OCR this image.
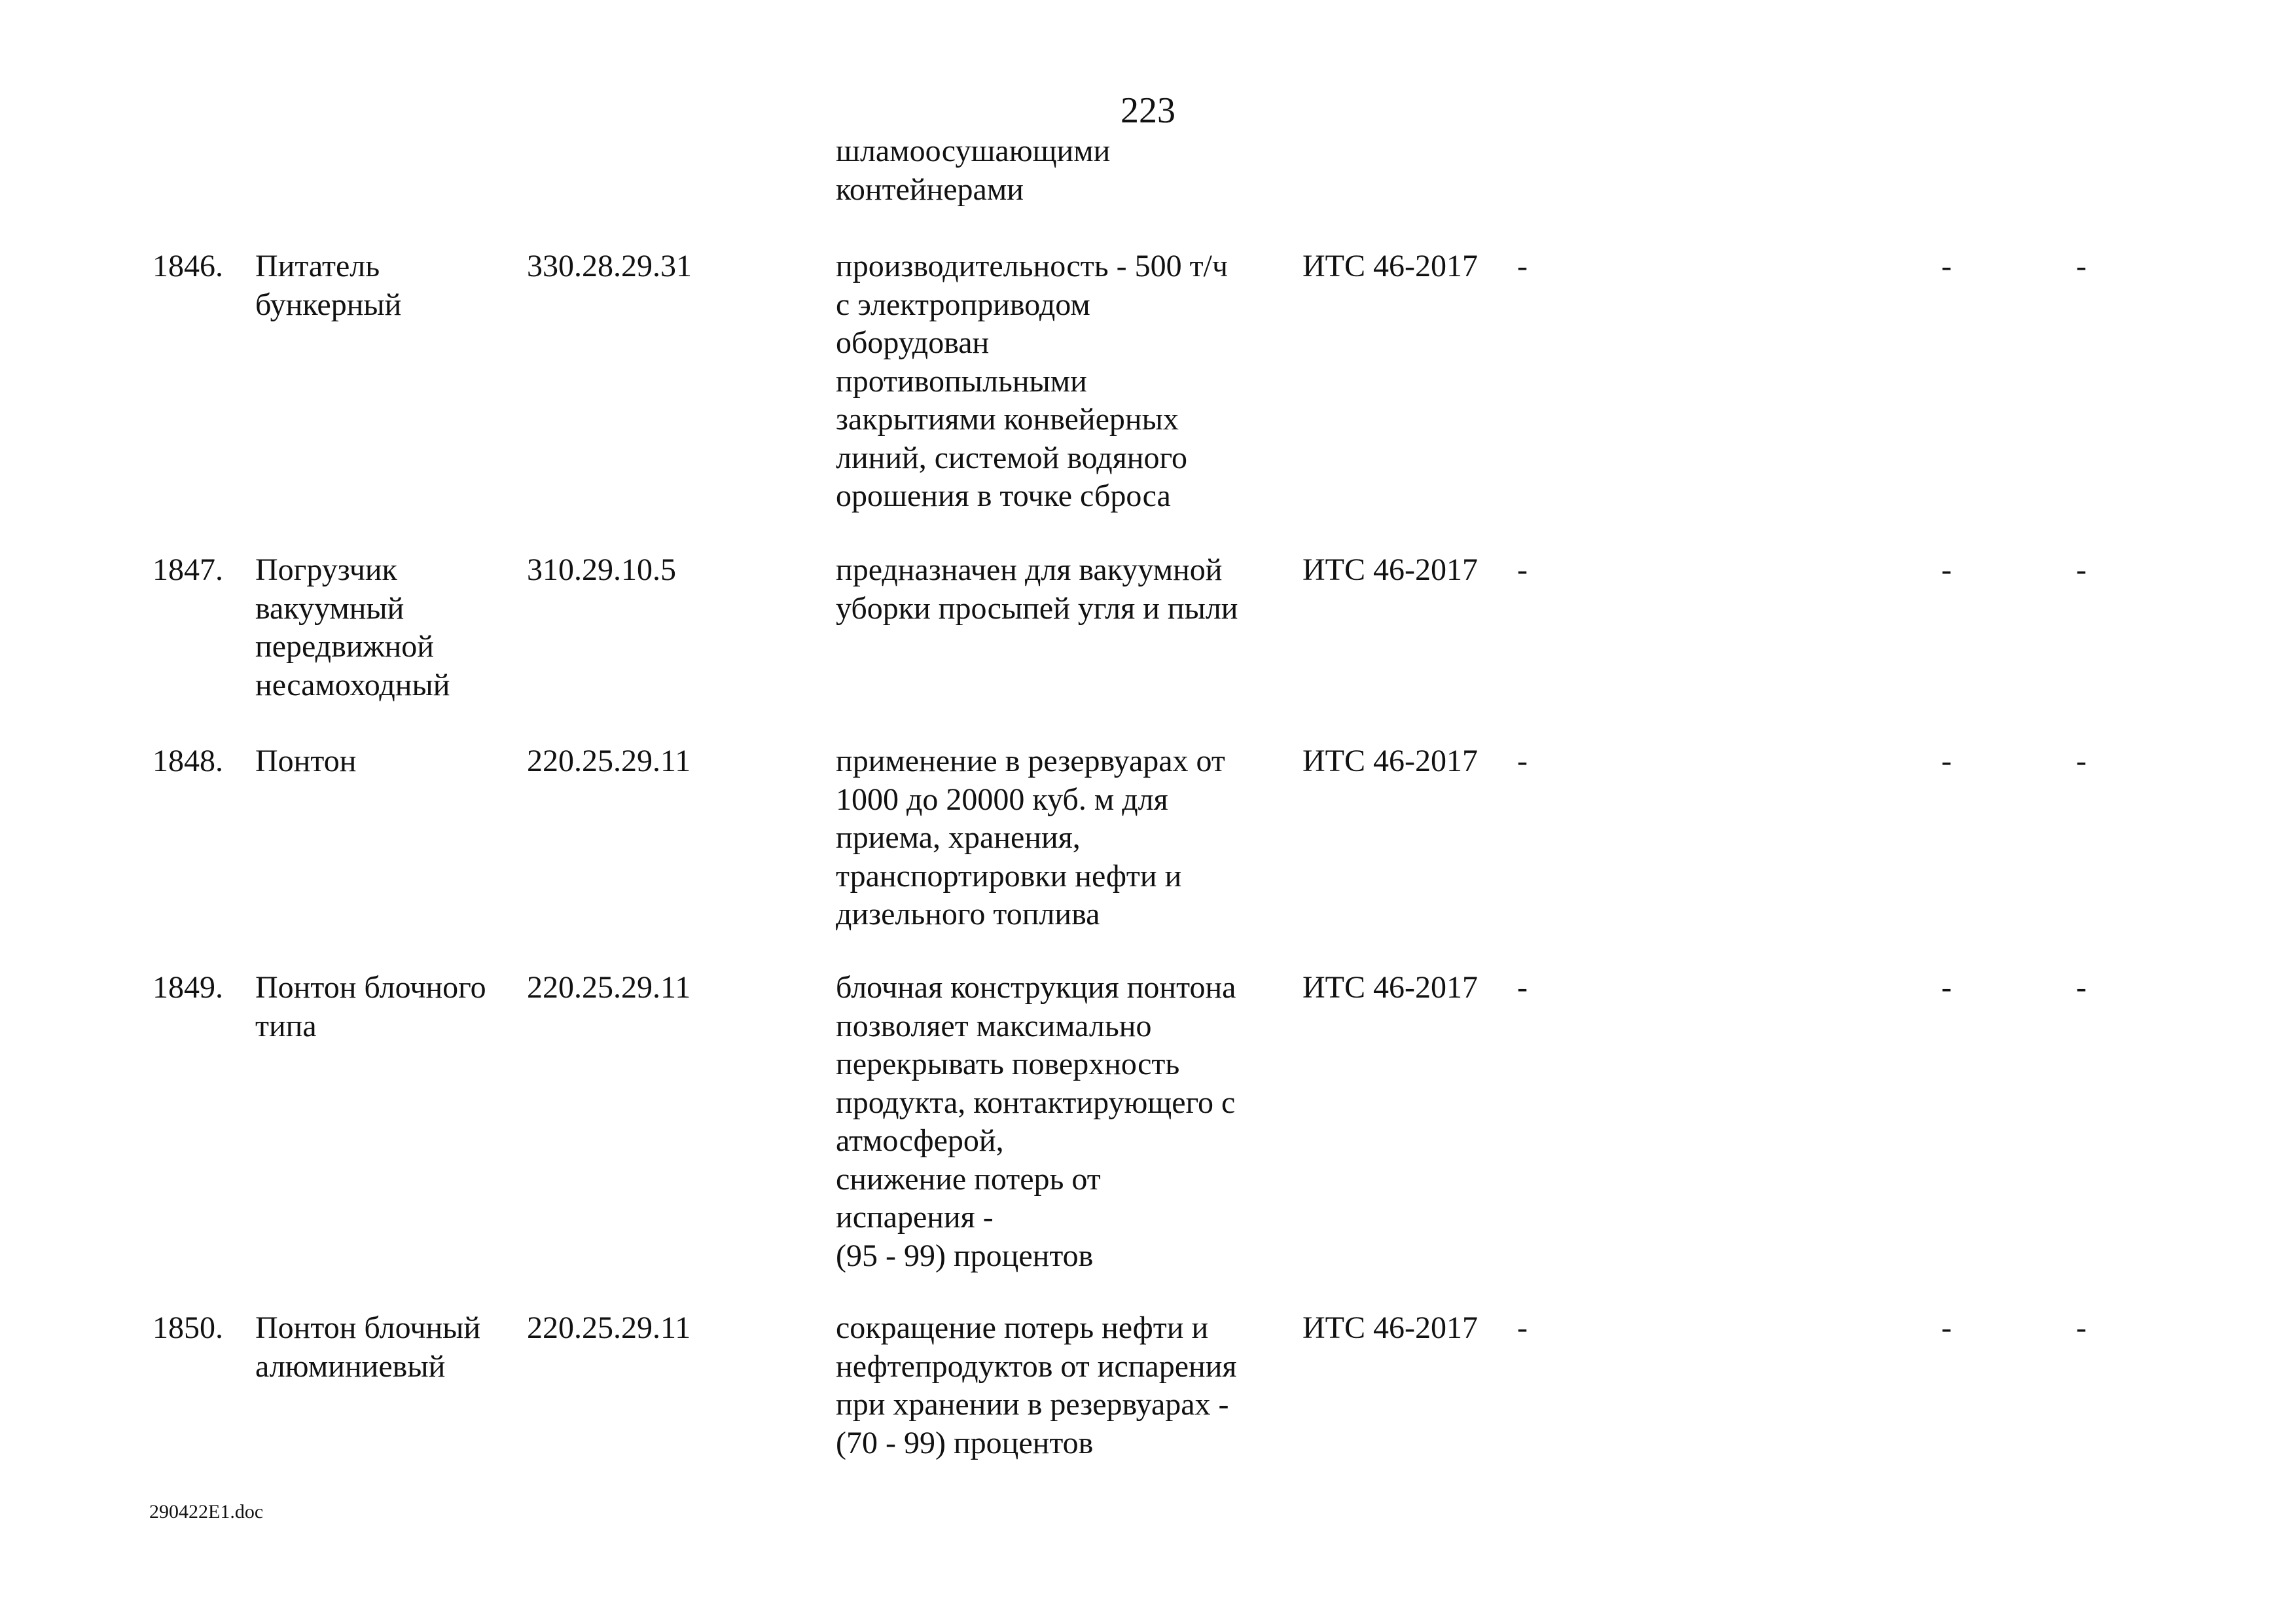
223
шламоосушающими
контейнерами
1846.	Питатель
бункерный
330.28.29.31	производительность - 500 т/ч
с электроприводом
оборудован
противопыльными
закрытиями конвейерных
линий, системой водяного
орошения в точке сброса
ИТС 46-2017	-	-	-
1847.	Погрузчик
вакуумный
передвижной
несамоходный
310.29.10.5	предназначен для вакуумной
уборки просыпей угля и пыли
ИТС 46-2017	-	-	-
1848.	Понтон	220.25.29.11	применение в резервуарах от
1000 до 20000 куб. м для
приема, хранения,
транспортировки нефти и
дизельного топлива
ИТС 46-2017	-	-	-
1849.	Понтон блочного
типа
220.25.29.11	блочная конструкция понтона
позволяет максимально
перекрывать поверхность
продукта, контактирующего с
атмосферой,
снижение потерь от
испарения -
(95 - 99) процентов
ИТС 46-2017	-	-	-
1850.	Понтон блочный
алюминиевый
220.25.29.11	сокращение потерь нефти и
нефтепродуктов от испарения
при хранении в резервуарах -
(70 - 99) процентов
ИТС 46-2017	-	-	-
290422E1.doc
